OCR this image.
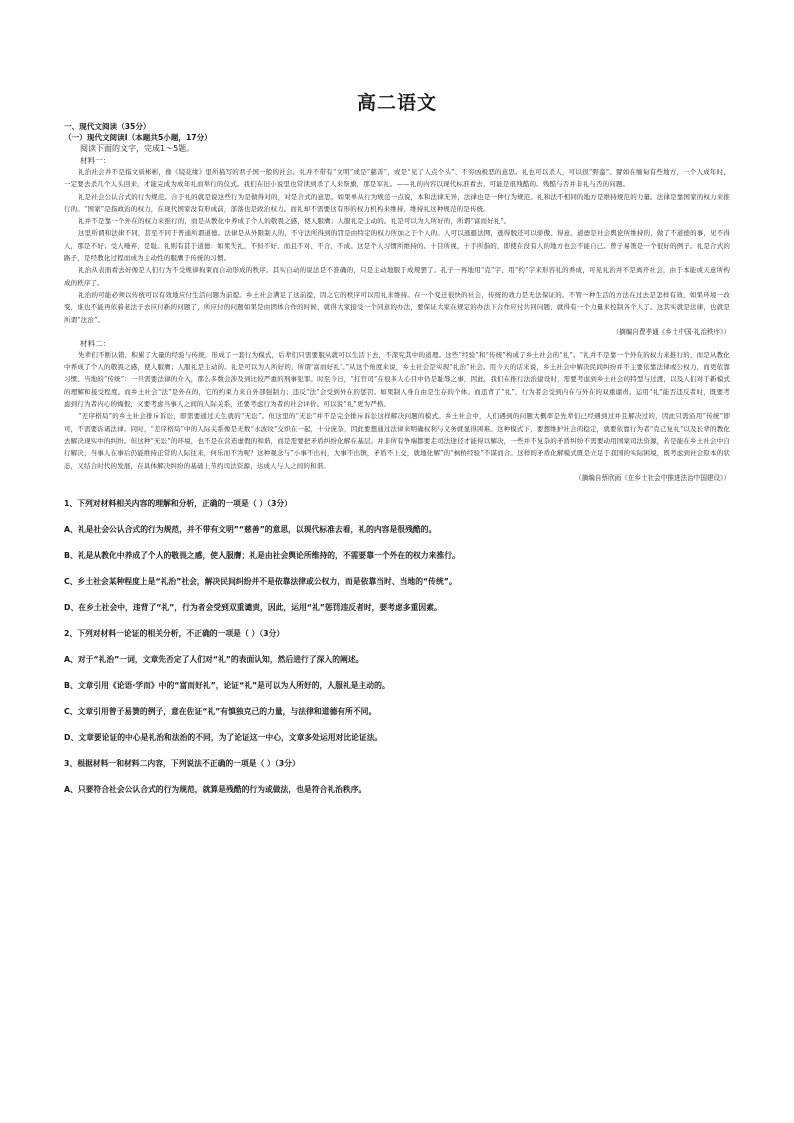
高二语文

一、现代文阅读（35分）

（一）现代文阅读Ⅰ（本题共5小题，17分）

阅读下面的文字，完成1～5题。

材料一：

礼治社会并不是指文质彬彬，像《镜花缘》里所描写的君子国一般的社会。礼并不带有“文明”或是“慈善”，或是“见了人点个头”、不穷凶极恶的意思。礼也可以杀人，可以很“野蛮”。譬如在缅甸有些地方，一个人成年时，一定要去杀几个人头回来，才能完成为成年礼而举行的仪式。我们在旧小说里也常读到杀了人来祭旗，那是军礼。——礼的内容以现代标准看去，可能是很残酷的。残酷与否并非礼与否的问题。

礼是社会公认合式的行为规范。合于礼的就是说这些行为是做得对的，对是合式的意思。如果单从行为规范一点说，本和法律无异，法律也是一种行为规范。礼和法不相同的地方是维持规范的力量。法律是靠国家的权力来推行的。“国家”是指政治的权力，在现代国家没有形成前，部落也是政治权力。而礼却不需要这有形的权力机构来维持。维持礼这种规范的是传统。

礼并不是靠一个外在的权力来推行的，而是从教化中养成了个人的敬畏之感，使人服膺；人服礼是主动的。礼是可以为人所好的，所谓“富而好礼”。

这里所谓和法律不同，甚至不同于普通所谓道德。法律是从外限制人的，不守法所得到的罚是由特定的权力所加之于个人的。人可以逃避法网，逃得脱还可以骄傲、得意。道德是社会舆论所维持的，做了不道德的事，见不得人，那是不好；受人唾弃，是耻。礼则有甚于道德：如果失礼，不但不好，而且不对、不合、不成。这是个人习惯所维持的。十目所视，十手所指的，即使在没有人的地方也会不能自已。曾子易箦是一个很好的例子。礼是合式的路子，是经教化过程而成为主动性的服膺于传统的习惯。

礼治从表面看去好像是人们行为不受规律拘束而自动形成的秩序。其实自动的说法是不准确的，只是主动地服于成规罢了。孔子一再地用“克”字、用“约”字来形容礼的养成，可见礼治并不是离开社会，由于本能或天意所构成的秩序了。

礼治的可能必须以传统可以有效地应付生活问题为前提。乡土社会满足了这前提，因之它的秩序可以用礼来维持。在一个变迁很快的社会，传统的效力是无法保证的。不管一种生活的方法在过去是怎样有效，如果环境一改变，谁也不能再依着老法子去应付新的问题了，所应付的问题如果是由团体合作的时候，就得大家接受一个同意的办法，要保证大家在规定的办法下合作应付共同问题，就得有一个力量来控制各个人了。这其实就是法律，也就是所谓“法治”。

（摘编自费孝通《乡土中国·礼治秩序》）

材料二：

先辈们不断认错，积累了大量的经验与传统，形成了一套行为模式，后辈们只需要服从就可以生活下去，不深究其中的道理。这些“经验”和“传统”构成了乡土社会的“礼”。“礼并不是靠一个外在的权力来推行的，而是从教化中养成了个人的敬畏之感，使人服膺；人服礼是主动的。礼是可以为人所好的，所谓‘富而好礼’。”从这个角度来说，乡土社会是实现“礼治”社会。用今天的话来说，乡土社会中解决民间纠纷并不主要依靠法律或公权力，而更依靠习惯、当地的“传统”：一旦需要法律的介入，那么多数会涉及到比较严重的刑事犯罪。时至今日，“打官司”在很多人心目中仍是耻辱之事，因此，我们在推行法治建设时，需要考虑到乡土社会的特型与过渡，以及人们对于新模式的理解和接受程度。而乡土社会“法”是外在的，它的约束力来自外部强制力；违反“法”会受到外在的惩罚。如果制人身自由是生存的个体。而违背了“礼”，行为者会受到内在与外在的双重谴责。运用“礼”能否违反者时，既要考虑到行为者内心的悔恨，又要考虑当事人之间的人际关系，还要考虑行为者的社会评价。可以说“礼”更为严格。

“差序格局”的乡土社会排斥诉讼，即需要通过天生就的“无讼”。但这里的“无讼”并不是完全排斥诉讼这样解决问题的模式。乡土社会中，人们遇到的问题大概率是先辈们已经遇到过并且解决过的，因此只需沿用“传统”即可，不需要诉诸法律。同时，“差序格局”中的人际关系像是无数“水波纹”交织在一起，十分庞杂，因此要想通过法律来明确权利与义务就显得困难。这种模式下，要想维护社会的稳定，就要依靠行为者“克己复礼”以及长辈的教化去解决现实中的纠纷。但这种“无讼”的环境，也不是在营造虚假的和谐，而是需要把矛盾纠纷化解在基层。并非所有争端都要走司法途径才能得以解决，一些并不复杂的矛盾纠纷不需要动用国家司法资源，若是能在乡土社会中自行解决，当事人在事后仍能维持正常的人际往来，何乐而不为呢？这种观念与“小事不出村，大事不出镇，矛盾不上交，就地化解”的“枫桥经验”不谋而合。这样的矛盾化解模式既是立足于我国的实际困境，既考虑到社会原本的状态，又结合时代的发展，在具体解决纠纷的基础上节约司法资源，达成人与人之间的和谐。

（摘编自蔡欣雨《在乡土社会中推进法治中国建设》）

1、下列对材料相关内容的理解和分析，正确的一项是（ ）（3分）

A、礼是社会公认合式的行为规范，并不带有文明”“慈善”的意思，以现代标准去看，礼的内容是很残酷的。

B、礼是从教化中养成了个人的敬畏之感，使人服膺；礼是由社会舆论所维持的，不需要靠一个外在的权力来推行。

C、乡土社会某种程度上是“礼治”社会，解决民间纠纷并不是依靠法律或公权力，而是依靠当时、当地的“传统”。

D、在乡土社会中，违背了“礼”，行为者会受到双重谴责，因此，运用“礼”惩罚违反者时，要考虑多重因素。

2、下列对材料一论证的相关分析，不正确的一项是（ ）（3分）

A、对于“礼治”一词，文章先否定了人们对“礼”的表面认知，然后进行了深入的阐述。

B、文章引用《论语·学而》中的“富而好礼”，论证“礼”是可以为人所好的，人服礼是主动的。

C、文章引用曾子易箦的例子，意在佐证“礼”有慎独克己的力量，与法律和道德有所不同。

D、文章要论证的中心是礼治和法治的不同，为了论证这一中心，文章多处运用对比论证法。

3、根据材料一和材料二内容，下列说法不正确的一项是（ ）（3分）

A、只要符合社会公认合式的行为规范，就算是残酷的行为或做法，也是符合礼治秩序。
